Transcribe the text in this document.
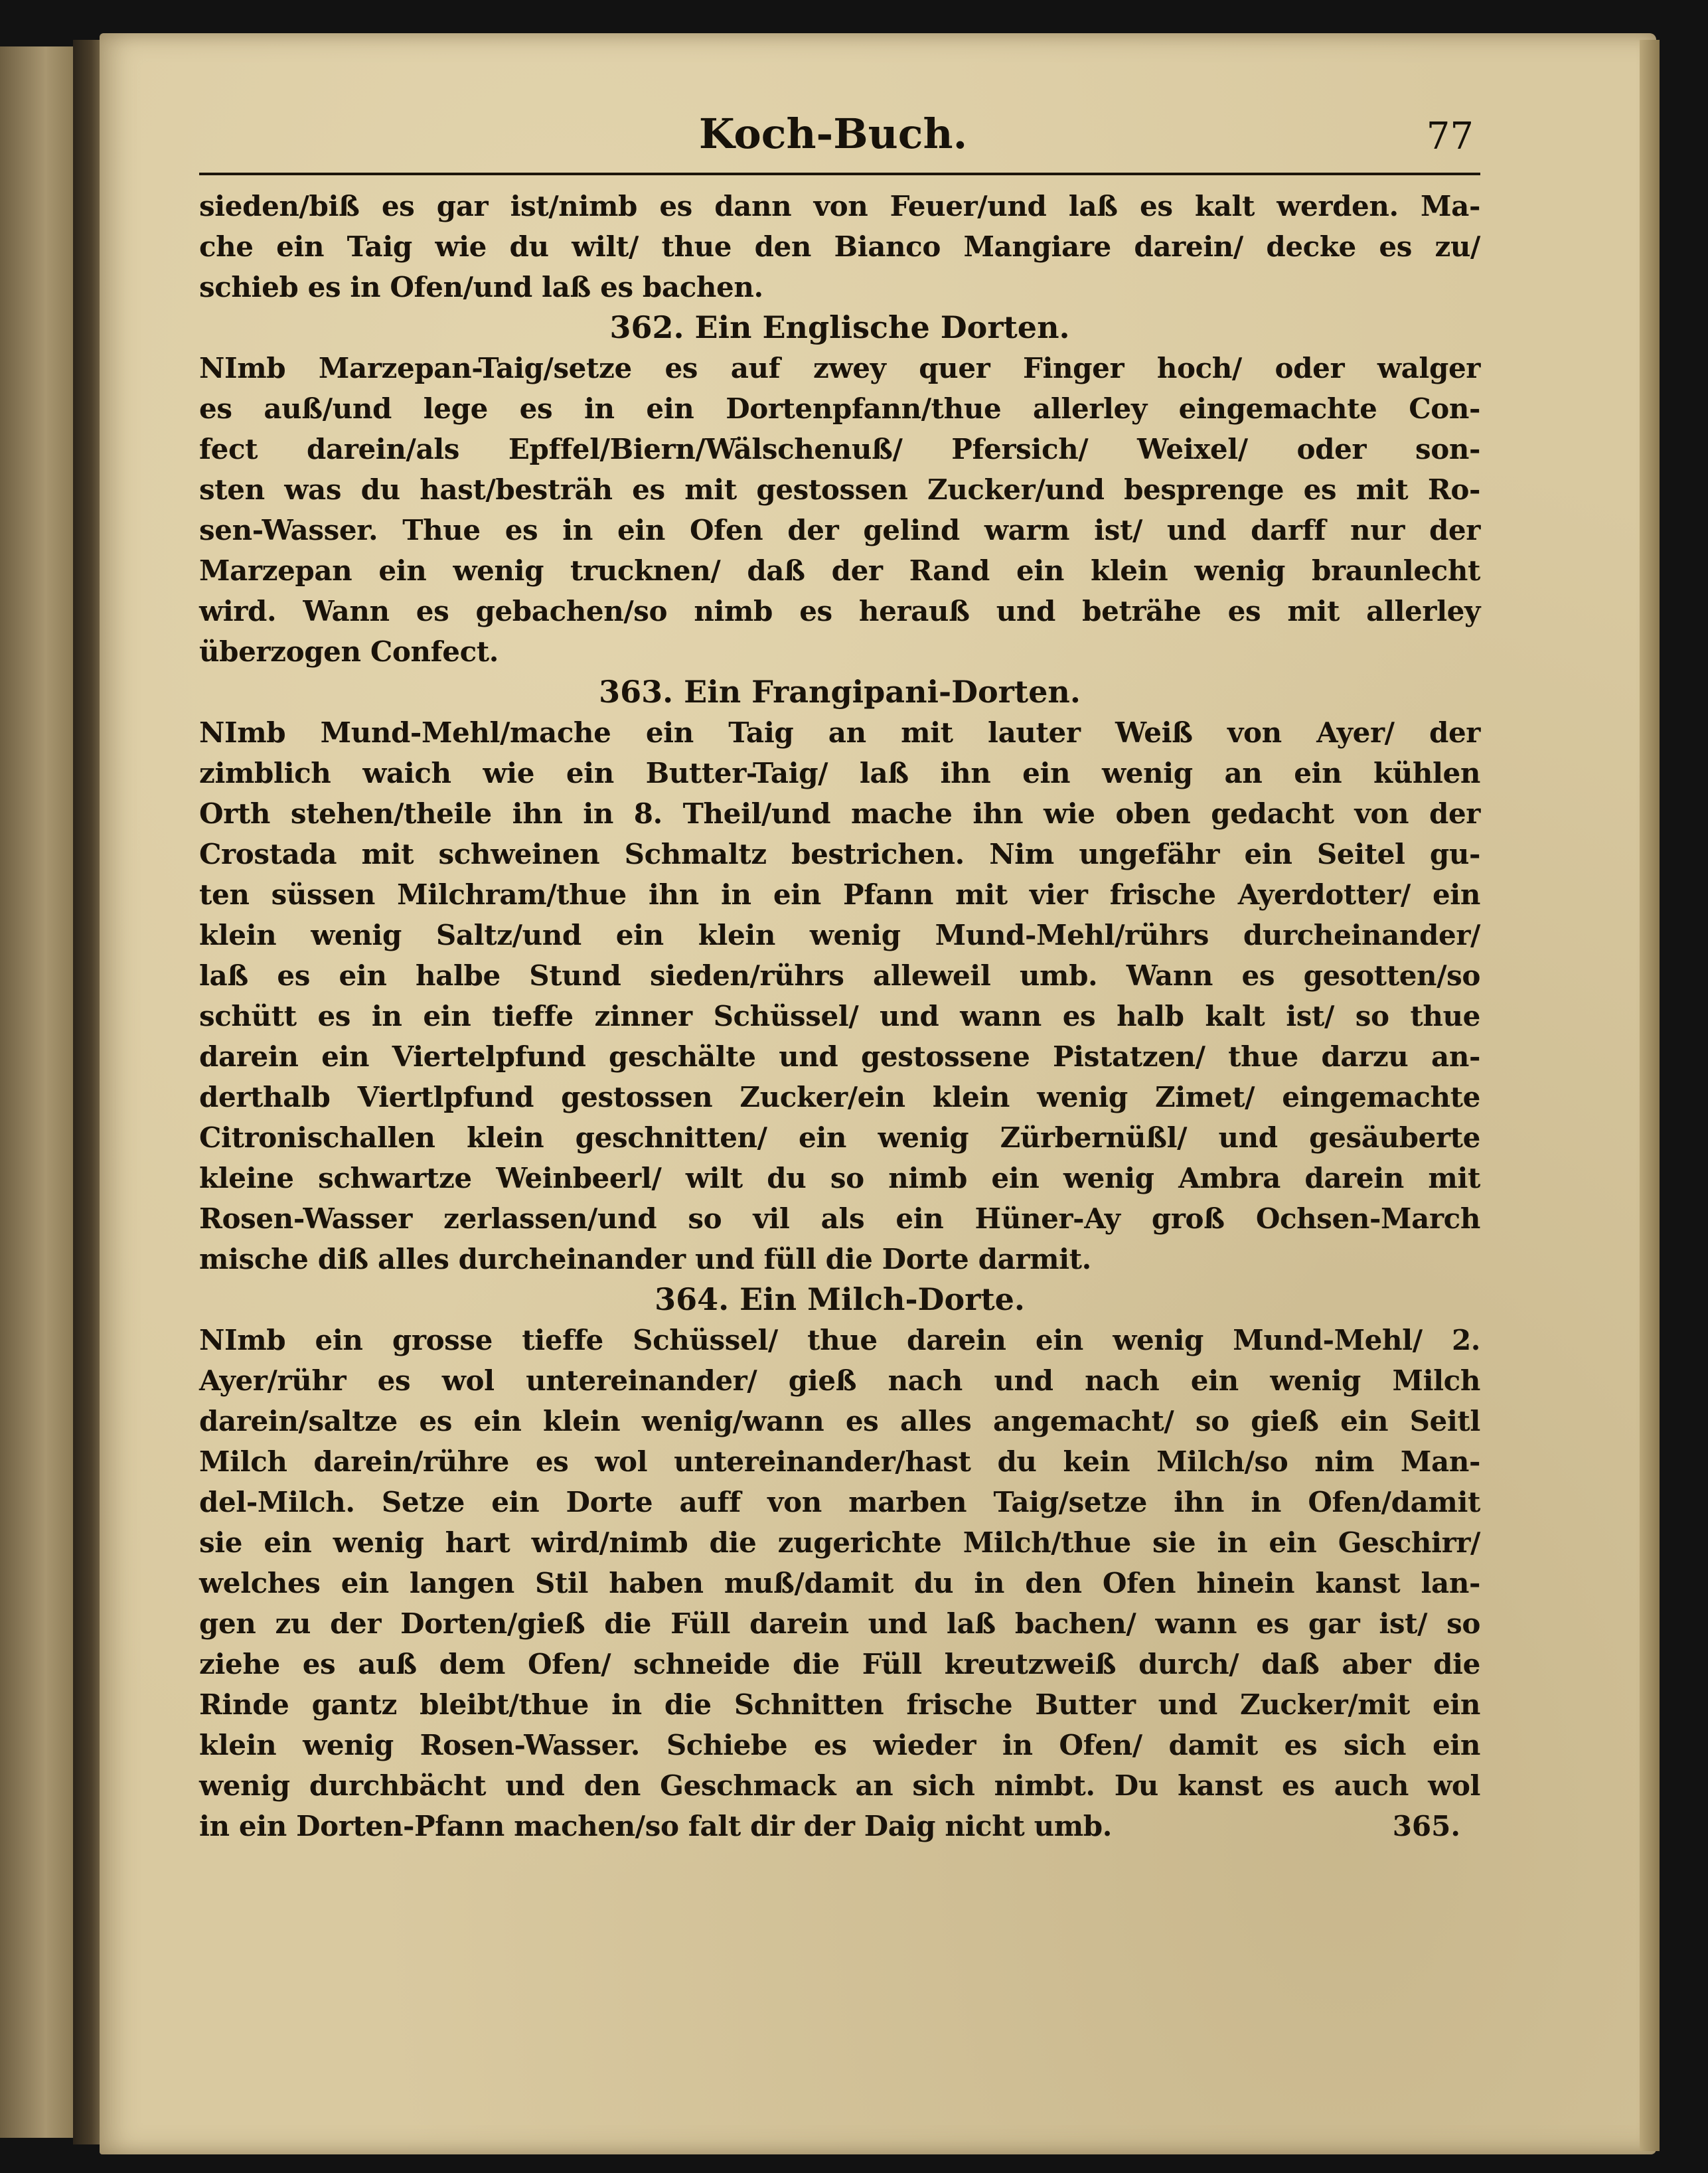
Koch-Buch.	77
sieden/biß es gar ist/nimb es dann von Feuer/und laß es kalt werden. Ma-
che ein Taig wie du wilt/ thue den Bianco Mangiare darein/ decke es zu/
schieb es in Ofen/und laß es bachen.
362. Ein Englische Dorten.
NImb Marzepan-Taig/setze es auf zwey quer Finger hoch/ oder walger
es auß/und lege es in ein Dortenpfann/thue allerley eingemachte Con-
fect darein/als Epffel/Biern/Wälschenuß/ Pfersich/ Weixel/ oder son-
sten was du hast/besträh es mit gestossen Zucker/und besprenge es mit Ro-
sen-Wasser. Thue es in ein Ofen der gelind warm ist/ und darff nur der
Marzepan ein wenig trucknen/ daß der Rand ein klein wenig braunlecht
wird. Wann es gebachen/so nimb es herauß und beträhe es mit allerley
überzogen Confect.
363. Ein Frangipani-Dorten.
NImb Mund-Mehl/mache ein Taig an mit lauter Weiß von Ayer/ der
zimblich waich wie ein Butter-Taig/ laß ihn ein wenig an ein kühlen
Orth stehen/theile ihn in 8. Theil/und mache ihn wie oben gedacht von der
Crostada mit schweinen Schmaltz bestrichen. Nim ungefähr ein Seitel gu-
ten süssen Milchram/thue ihn in ein Pfann mit vier frische Ayerdotter/ ein
klein wenig Saltz/und ein klein wenig Mund-Mehl/rührs durcheinander/
laß es ein halbe Stund sieden/rührs alleweil umb. Wann es gesotten/so
schütt es in ein tieffe zinner Schüssel/ und wann es halb kalt ist/ so thue
darein ein Viertelpfund geschälte und gestossene Pistatzen/ thue darzu an-
derthalb Viertlpfund gestossen Zucker/ein klein wenig Zimet/ eingemachte
Citronischallen klein geschnitten/ ein wenig Zürbernüßl/ und gesäuberte
kleine schwartze Weinbeerl/ wilt du so nimb ein wenig Ambra darein mit
Rosen-Wasser zerlassen/und so vil als ein Hüner-Ay groß Ochsen-March
mische diß alles durcheinander und füll die Dorte darmit.
364. Ein Milch-Dorte.
NImb ein grosse tieffe Schüssel/ thue darein ein wenig Mund-Mehl/ 2.
Ayer/rühr es wol untereinander/ gieß nach und nach ein wenig Milch
darein/saltze es ein klein wenig/wann es alles angemacht/ so gieß ein Seitl
Milch darein/rühre es wol untereinander/hast du kein Milch/so nim Man-
del-Milch. Setze ein Dorte auff von marben Taig/setze ihn in Ofen/damit
sie ein wenig hart wird/nimb die zugerichte Milch/thue sie in ein Geschirr/
welches ein langen Stil haben muß/damit du in den Ofen hinein kanst lan-
gen zu der Dorten/gieß die Füll darein und laß bachen/ wann es gar ist/ so
ziehe es auß dem Ofen/ schneide die Füll kreutzweiß durch/ daß aber die
Rinde gantz bleibt/thue in die Schnitten frische Butter und Zucker/mit ein
klein wenig Rosen-Wasser. Schiebe es wieder in Ofen/ damit es sich ein
wenig durchbächt und den Geschmack an sich nimbt. Du kanst es auch wol
in ein Dorten-Pfann machen/so falt dir der Daig nicht umb.	365.
